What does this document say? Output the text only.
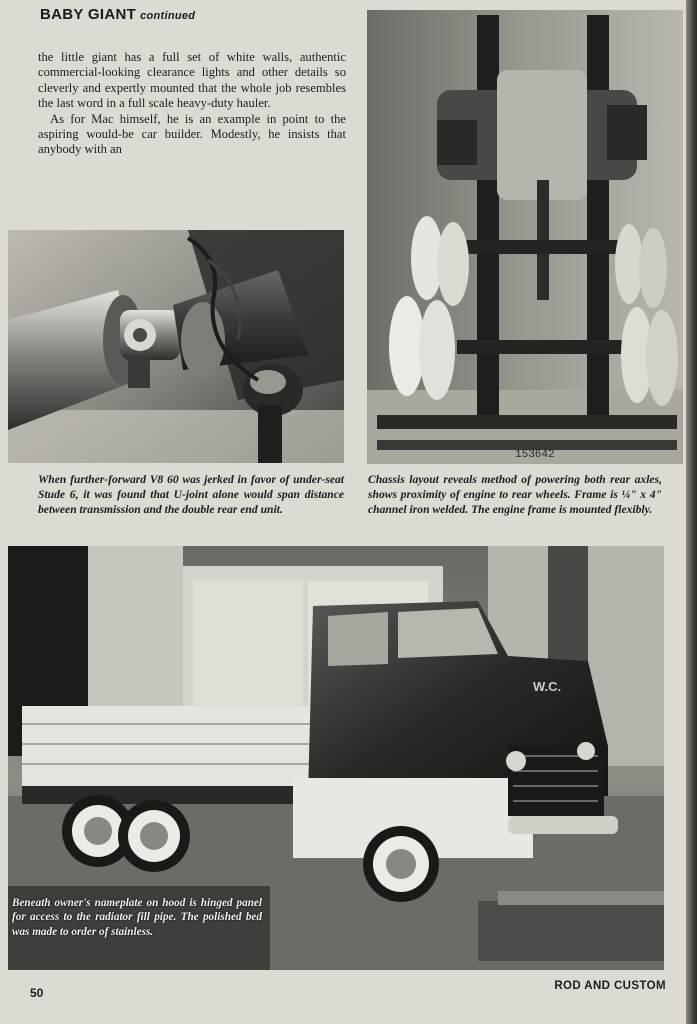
BABY GIANT continued

the little giant has a full set of white walls, authentic commercial-looking clearance lights and other details so cleverly and expertly mounted that the whole job resembles the last word in a full scale heavy-duty hauler.

As for Mac himself, he is an example in point to the aspiring would-be car builder. Modestly, he insists that anybody with an

153642
When further-forward V8 60 was jerked in favor of under-seat Stude 6, it was found that U-joint alone would span distance between transmission and the double rear end unit.
Chassis layout reveals method of powering both rear axles, shows proximity of engine to rear wheels. Frame is ¼" x 4" channel iron welded. The engine frame is mounted flexibly.
W.C.
Beneath owner's nameplate on hood is hinged panel for access to the radiator fill pipe. The polished bed was made to order of stainless.
50	ROD AND CUSTOM
